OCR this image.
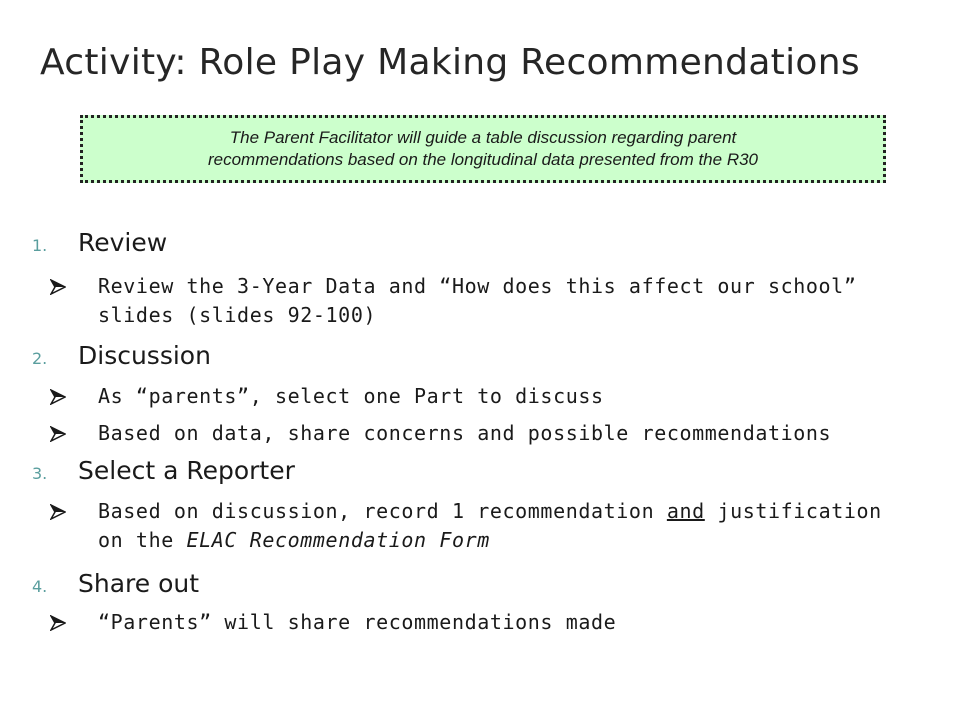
Activity: Role Play Making Recommendations
The Parent Facilitator will guide a table discussion regarding parent
recommendations based on the longitudinal data presented from the R30
1.	Review
Review the 3-Year Data and “How does this affect our school”
slides (slides 92-100)
2.	Discussion
As “parents”, select one Part to discuss
Based on data, share concerns and possible recommendations
3.	Select a Reporter
Based on discussion, record 1 recommendation and justification
on the ELAC Recommendation Form
4.	Share out
“Parents” will share recommendations made
